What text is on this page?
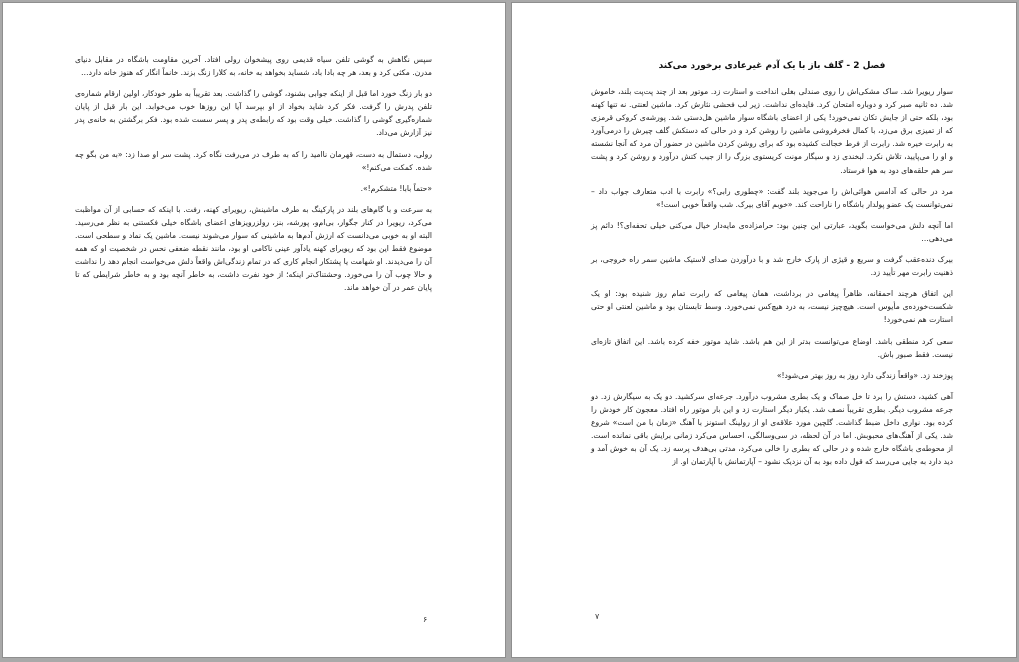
سپس نگاهش به گوشی تلفن سیاه قدیمی روی پیشخوان رولی افتاد. آخرین مقاومت باشگاه در مقابل دنیای مدرن. مکثی کرد و بعد، هر چه بادا باد، شساید بخواهد به خانه، به کلارا زنگ بزند. خانماً انگار که هنوز خانه دارد…

دو بار زنگ خورد اما قبل از اینکه جوابی بشنود، گوشی را گذاشت. بعد تقریباً به طور خودکار، اولین ارقام شماره‌ی تلفن پدرش را گرفت. فکر کرد شاید بخواد از او بپرسد آیا این روزها خوب می‌خوابد. این بار قبل از پایان شماره‌گیری گوشی را گذاشت. خیلی وقت بود که رابطه‌ی پدر و پسر سست شده بود. فکر برگشتن به خانه‌ی پدر نیز آزارش می‌داد.

رولی، دستمال به دست، قهرمان ناامید را که به طرف در می‌رفت نگاه کرد. پشت سر او صدا زد: «به من بگو چه شده. کمکت می‌کنم!»

«حتماً بابا! متشکرم!».

به سرعت و با گام‌های بلند در پارکینگ به طرف ماشینش، ریویرای کهنه، رفت. با اینکه که حسابی از آن مواظبت می‌کرد، ریویرا در کنار جگوار، بی‌ام‌و، پورشه، بنز، رولزرویزهای اعضای باشگاه خیلی فکستنی به نظر می‌رسید. البته او به خوبی می‌دانست که ارزش آدم‌ها به ماشینی که سوار می‌شوند نیست. ماشین یک نماد و سطحی است. موضوع فقط این بود که ریویرای کهنه یادآور عینی ناکامی او بود، مانند نقطه ضعفی نحس در شخصیت او که همه آن را می‌دیدند. او شهامت یا پشتکار انجام کاری که در تمام زندگی‌اش واقعاً دلش می‌خواست انجام دهد را نداشت و حالا چوب آن را می‌خورد. وحشتناک‌تر اینکه؛ از خود نفرت داشت، به خاطر آنچه بود و به خاطر شرایطی که تا پایان عمر در آن خواهد ماند.

۶
فصل 2 - گلف باز با یک آدم غیرعادی برخورد می‌کند

سوار ریویرا شد. ساک مشکی‌اش را روی صندلی بغلی انداخت و استارت زد. موتور بعد از چند پت‌پت بلند، خاموش شد. ده ثانیه صبر کرد و دوباره امتحان کرد. فایده‌ای نداشت. زیر لب فحشی نثارش کرد. ماشین لعنتی. نه تنها کهنه بود، بلکه حتی از جایش تکان نمی‌خورد! یکی از اعضای باشگاه سوار ماشین هل‌دستی شد. پورشه‌ی کروکی قرمزی که از تمیزی برق می‌زد، با کمال فخرفروشی ماشین را روشن کرد و در حالی که دستکش گلف چیرش را درمی‌آورد به رابرت خیره شد. رابرت از فرط خجالت کشیده بود که برای روشن کردن ماشین در حضور آن مرد که آنجا نشسته و او را می‌پایید، تلاش نکرد. لبخندی زد و سیگار مونت کریستوی بزرگ را از جیب کتش درآورد و روشن کرد و پشت سر هم حلقه‌های دود به هوا فرستاد.

مرد در حالی که آدامس هوائی‌اش را می‌جوید بلند گفت: «چطوری رابی؟» رابرت با ادب متعارف جواب داد – نمی‌توانست یک عضو پولدار باشگاه را ناراحت کند. «خوبم آقای بیرک. شب واقعاً خوبی است!»

اما آنچه دلش می‌خواست بگوید، عبارتی این چنین بود: حرامزاده‌ی مایه‌دار خیال می‌کنی خیلی تحفه‌ای؟! دائم پز می‌دهی…

بیرک دنده‌عقب گرفت و سریع و قیژی از پارک خارج شد و با درآوردن صدای لاستیک ماشین سمر راه خروجی، بر ذهنیت رابرت مهر تأیید زد.

این اتفاق هرچند احمقانه، ظاهراً پیغامی در برداشت، همان پیغامی که رابرت تمام روز شنیده بود: او یک شکست‌خورده‌ی مأیوس است. هیچ‌چیز نیست، به درد هیچ‌کس نمی‌خورد. وسط تابستان بود و ماشین لعنتی او حتی استارت هم نمی‌خورد!

سعی کرد منطقی باشد. اوضاع می‌توانست بدتر از این هم باشد. شاید موتور خفه کرده باشد. این اتفاق تازه‌ای نیست. فقط صبور باش.

پوزخند زد. «واقعاً زندگی دارد روز به روز بهتر می‌شود!»

آهی کشید، دستش را برد تا خل صماک و یک بطری مشروب درآورد. جرعه‌ای سرکشید. دو یک به سیگارش زد. دو جرعه مشروب دیگر. بطری تقریباً نصف شد. یکبار دیگر استارت زد و این بار موتور راه افتاد. معجون کار خودش را کرده بود. نواری داخل ضبط گذاشت. گلچین مورد علاقه‌ی او از رولینگ استونز با آهنگ «زمان با من است» شروع شد. یکی از آهنگ‌های محبوبش. اما در آن لحظه، در سی‌وسالگی، احساس می‌کرد زمانی برایش باقی نمانده است. از محوطه‌ی باشگاه خارج شده و در حالی که بطری را خالی می‌کرد، مدتی بی‌هدف پرسه زد. یک آن به خوش آمد و دید دارد به جایی می‌رسد که قول داده بود به آن نزدیک نشود – آپارتمانش با آپارتمان او. از

۷
